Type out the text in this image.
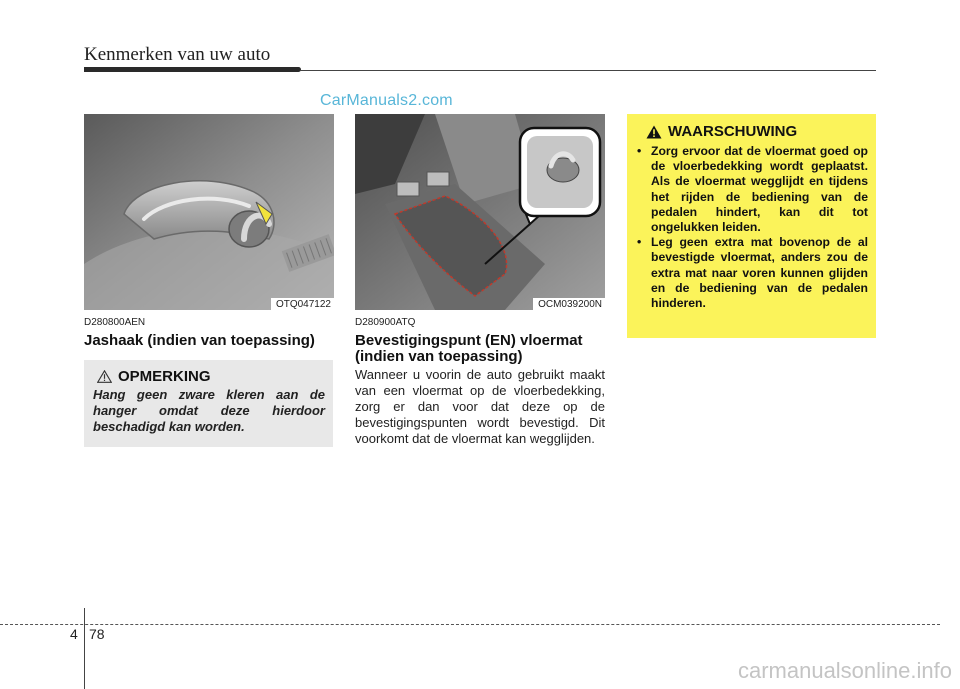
Kenmerken van uw auto
CarManuals2.com
OTQ047122	OCM039200N
D280800AEN
Jashaak (indien van toepassing)
OPMERKING
Hang geen zware kleren aan de hanger omdat deze hierdoor beschadigd kan worden.
D280900ATQ
Bevestigingspunt (EN) vloermat
(indien van toepassing)
Wanneer u voorin de auto gebruikt maakt van een vloermat op de vloerbedekking, zorg er dan voor dat deze op de bevestigingspunten wordt bevestigd. Dit voorkomt dat de vloermat kan wegglijden.
WAARSCHUWING
• Zorg ervoor dat de vloermat goed op de vloerbedekking wordt geplaatst. Als de vloermat wegglijdt en tijdens het rijden de bediening van de pedalen hindert, kan dit tot ongelukken leiden.
• Leg geen extra mat bovenop de al bevestigde vloermat, anders zou de extra mat naar voren kunnen glijden en de bediening van de pedalen hinderen.
4 78
carmanualsonline.info
